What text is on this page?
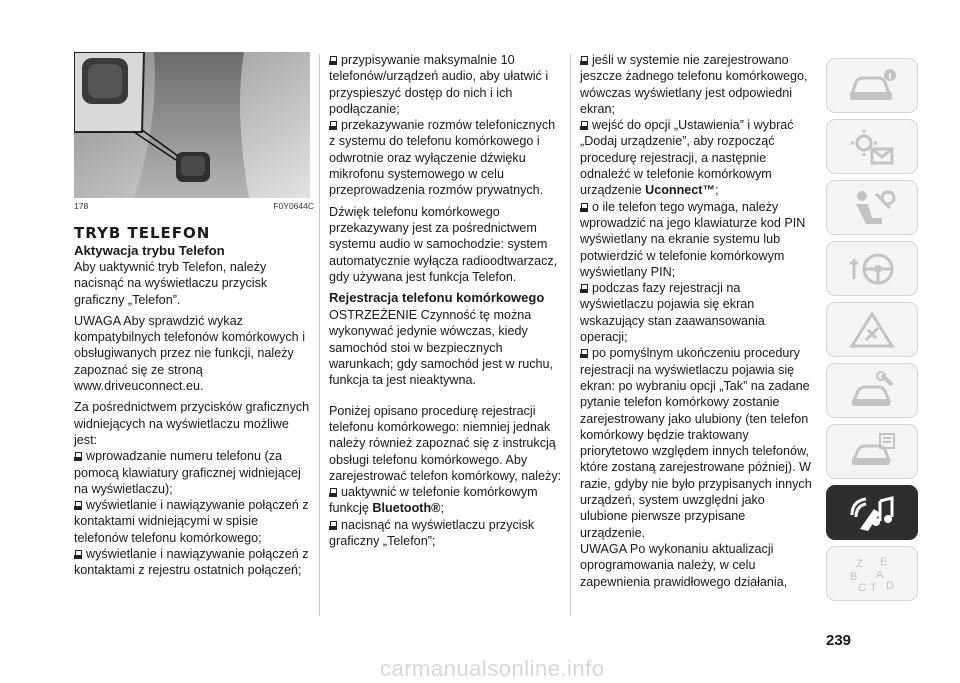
178	F0Y0644C
TRYB TELEFON
Aktywacja trybu Telefon

Aby uaktywnić tryb Telefon, należy nacisnąć na wyświetlaczu przycisk graficzny „Telefon”.

UWAGA Aby sprawdzić wykaz kompatybilnych telefonów komórkowych i obsługiwanych przez nie funkcji, należy zapoznać się ze stroną www.driveuconnect.eu.

Za pośrednictwem przycisków graficznych widniejących na wyświetlaczu możliwe jest:

wprowadzanie numeru telefonu (za pomocą klawiatury graficznej widniejącej na wyświetlaczu);

wyświetlanie i nawiązywanie połączeń z kontaktami widniejącymi w spisie telefonów telefonu komórkowego;

wyświetlanie i nawiązywanie połączeń z kontaktami z rejestru ostatnich połączeń;

przypisywanie maksymalnie 10 telefonów/urządzeń audio, aby ułatwić i przyspieszyć dostęp do nich i ich podłączanie;

przekazywanie rozmów telefonicznych z systemu do telefonu komórkowego i odwrotnie oraz wyłączenie dźwięku mikrofonu systemowego w celu przeprowadzenia rozmów prywatnych.

Dźwięk telefonu komórkowego przekazywany jest za pośrednictwem systemu audio w samochodzie: system automatycznie wyłącza radioodtwarzacz, gdy używana jest funkcja Telefon.

Rejestracja telefonu komórkowego

OSTRZEŻENIE Czynność tę można wykonywać jedynie wówczas, kiedy samochód stoi w bezpiecznych warunkach; gdy samochód jest w ruchu, funkcja ta jest nieaktywna.

Poniżej opisano procedurę rejestracji telefonu komórkowego: niemniej jednak należy również zapoznać się z instrukcją obsługi telefonu komórkowego. Aby zarejestrować telefon komórkowy, należy:

uaktywnić w telefonie komórkowym funkcję Bluetooth®;

nacisnąć na wyświetlaczu przycisk graficzny „Telefon”;

jeśli w systemie nie zarejestrowano jeszcze żadnego telefonu komórkowego, wówczas wyświetlany jest odpowiedni ekran;

wejść do opcji „Ustawienia” i wybrać „Dodaj urządzenie”, aby rozpocząć procedurę rejestracji, a następnie odnaleźć w telefonie komórkowym urządzenie Uconnect™;

o ile telefon tego wymaga, należy wprowadzić na jego klawiaturze kod PIN wyświetlany na ekranie systemu lub potwierdzić w telefonie komórkowym wyświetlany PIN;

podczas fazy rejestracji na wyświetlaczu pojawia się ekran wskazujący stan zaawansowania operacji;

po pomyślnym ukończeniu procedury rejestracji na wyświetlaczu pojawia się ekran: po wybraniu opcji „Tak” na zadane pytanie telefon komórkowy zostanie zarejestrowany jako ulubiony (ten telefon komórkowy będzie traktowany priorytetowo względem innych telefonów, które zostaną zarejestrowane później). W razie, gdyby nie było przypisanych innych urządzeń, system uwzględni jako ulubione pierwsze przypisane urządzenie.

UWAGA Po wykonaniu aktualizacji oprogramowania należy, w celu zapewnienia prawidłowego działania,

Z E
B A
C T D
239
carmanualsonline.info
